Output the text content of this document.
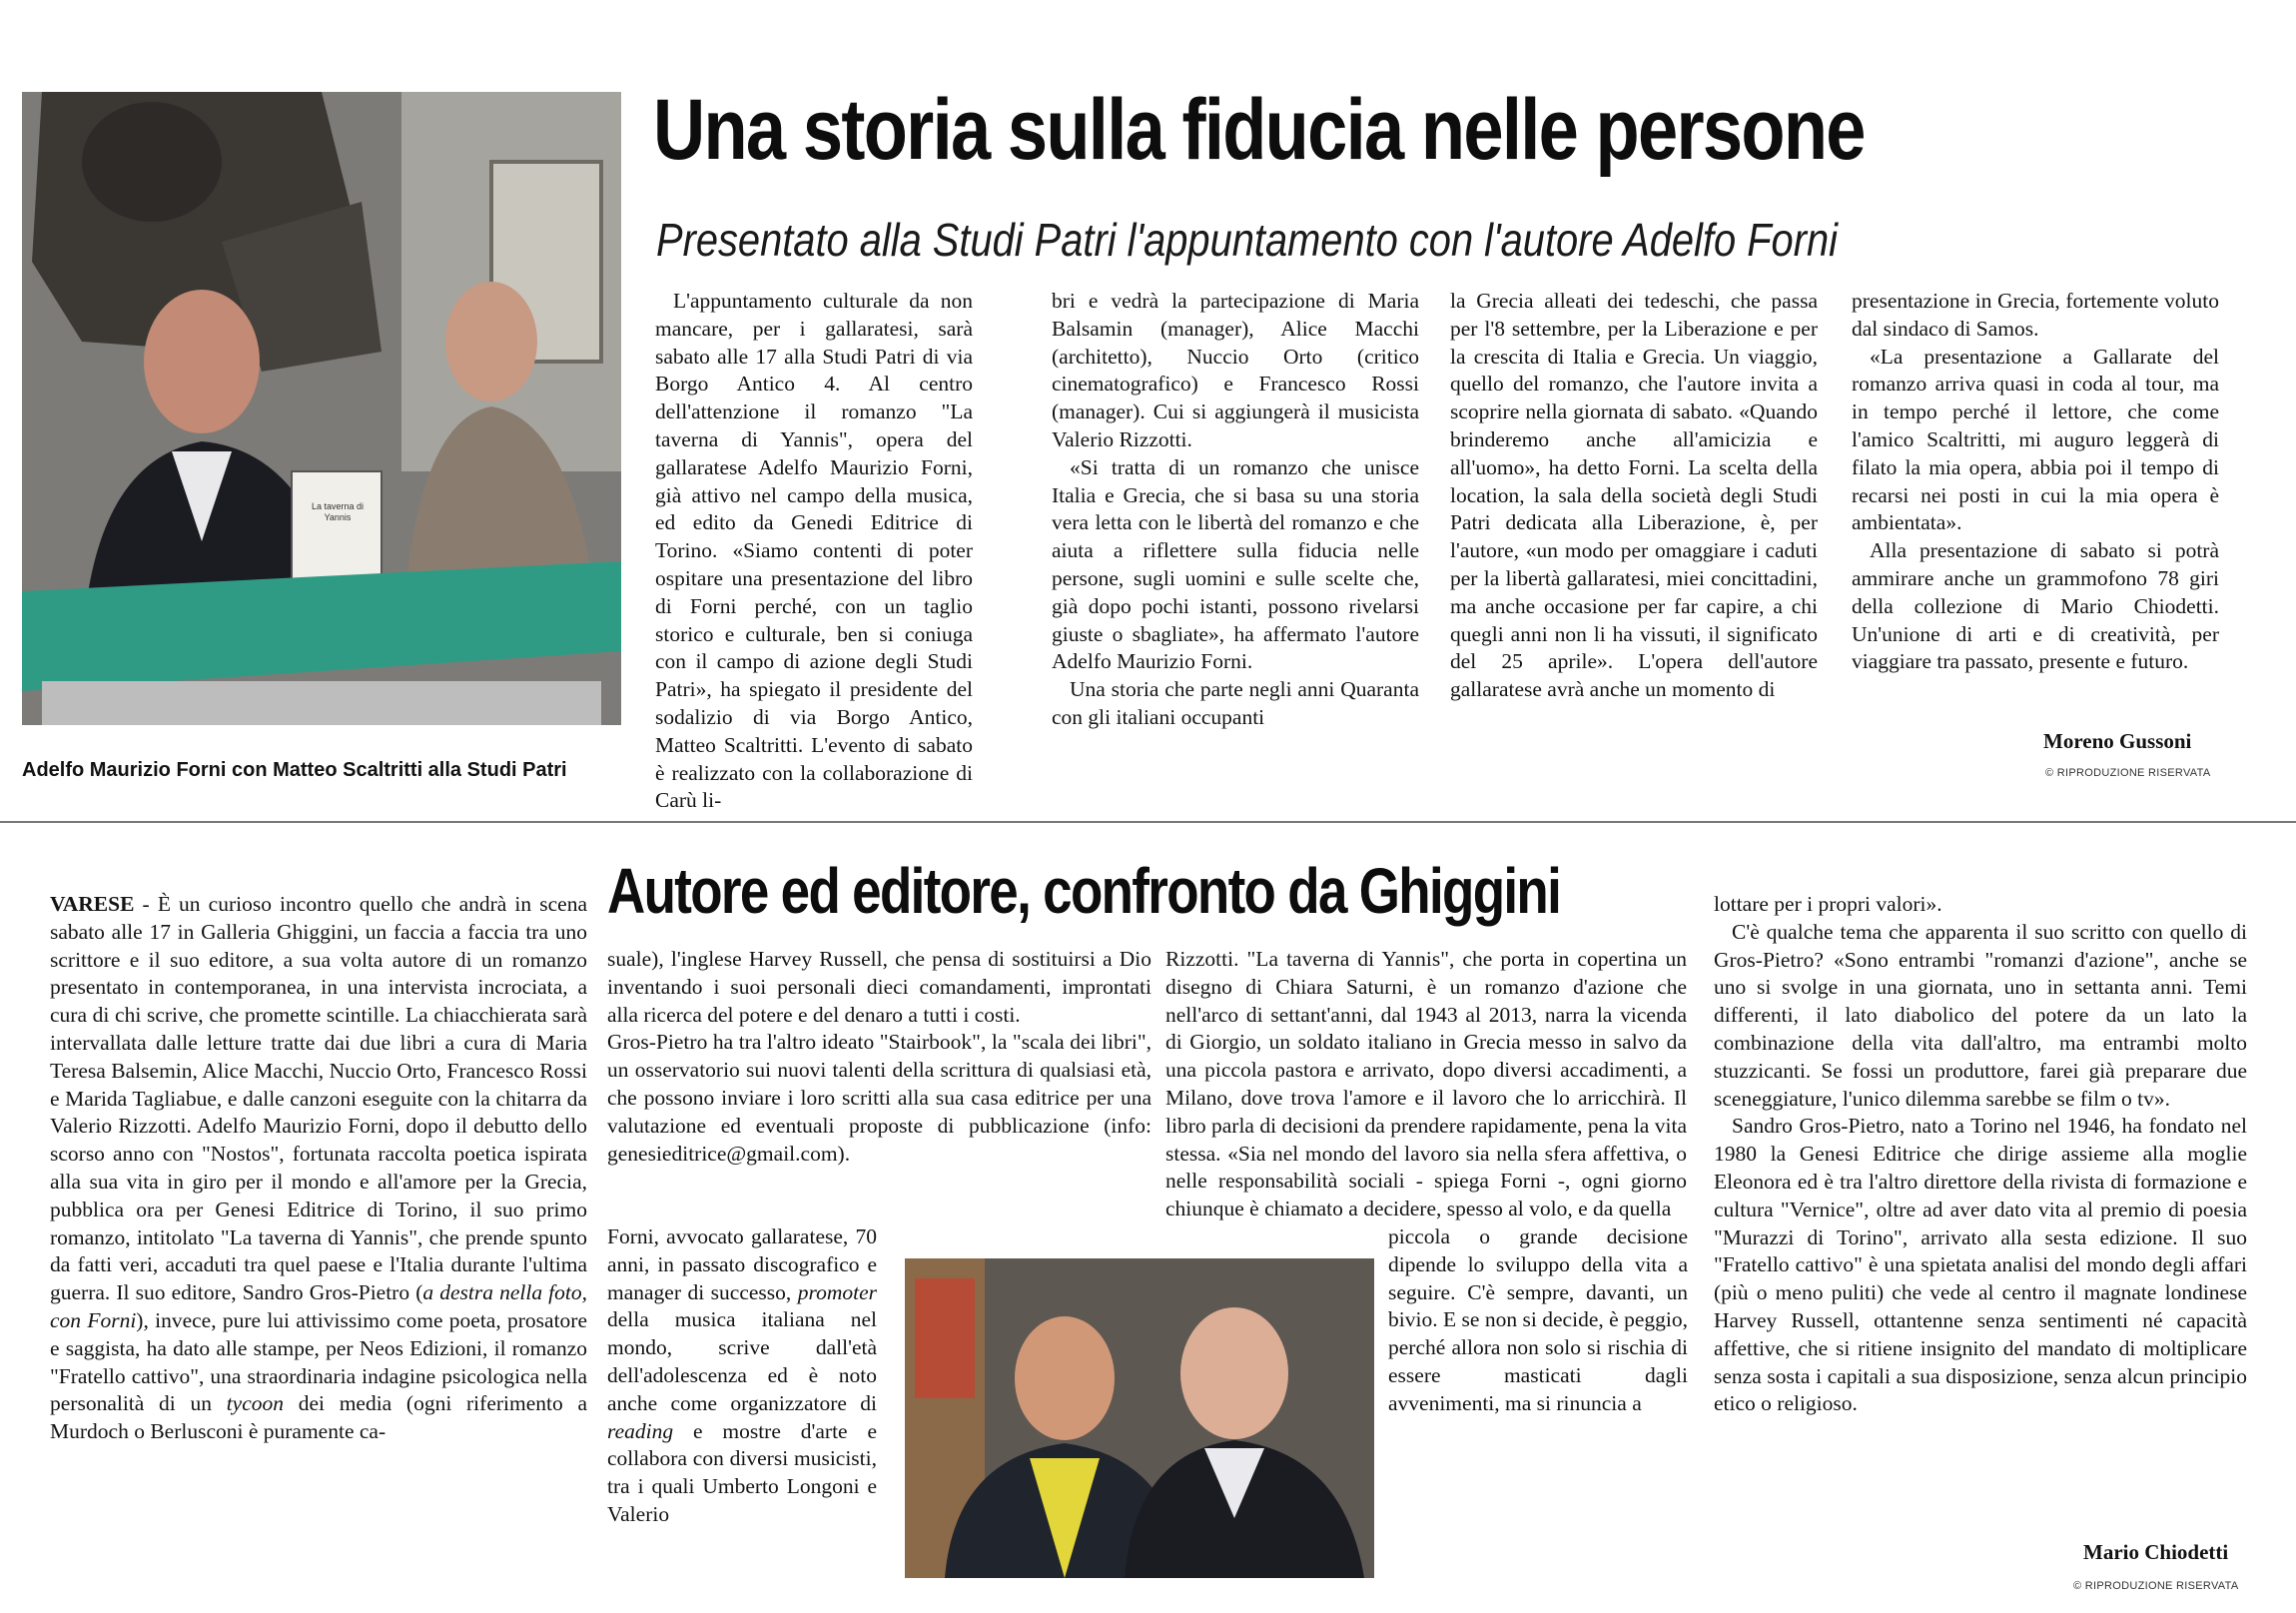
La taverna di Yannis
Adelfo Maurizio Forni con Matteo Scaltritti alla Studi Patri
Una storia sulla fiducia nelle persone
Presentato alla Studi Patri l'appuntamento con l'autore Adelfo Forni

L'appuntamento culturale da non mancare, per i gallaratesi, sarà sabato alle 17 alla Studi Patri di via Borgo Antico 4. Al centro dell'attenzione il romanzo "La taverna di Yannis", opera del gallaratese Adelfo Maurizio Forni, già attivo nel campo della musica, ed edito da Genedi Editrice di Torino. «Siamo contenti di poter ospitare una presentazione del libro di Forni perché, con un taglio storico e culturale, ben si coniuga con il campo di azione degli Studi Patri», ha spiegato il presidente del sodalizio di via Borgo Antico, Matteo Scaltritti. L'evento di sabato è realizzato con la collaborazione di Carù li-

bri e vedrà la partecipazione di Maria Balsamin (manager), Alice Macchi (architetto), Nuccio Orto (critico cinematografico) e Francesco Rossi (manager). Cui si aggiungerà il musicista Valerio Rizzotti.

«Si tratta di un romanzo che unisce Italia e Grecia, che si basa su una storia vera letta con le libertà del romanzo e che aiuta a riflettere sulla fiducia nelle persone, sugli uomini e sulle scelte che, già dopo pochi istanti, possono rivelarsi giuste o sbagliate», ha affermato l'autore Adelfo Maurizio Forni.

Una storia che parte negli anni Quaranta con gli italiani occupanti

la Grecia alleati dei tedeschi, che passa per l'8 settembre, per la Liberazione e per la crescita di Italia e Grecia. Un viaggio, quello del romanzo, che l'autore invita a scoprire nella giornata di sabato. «Quando brinderemo anche all'amicizia e all'uomo», ha detto Forni. La scelta della location, la sala della società degli Studi Patri dedicata alla Liberazione, è, per l'autore, «un modo per omaggiare i caduti per la libertà gallaratesi, miei concittadini, ma anche occasione per far capire, a chi quegli anni non li ha vissuti, il significato del 25 aprile». L'opera dell'autore gallaratese avrà anche un momento di

presentazione in Grecia, fortemente voluto dal sindaco di Samos.

«La presentazione a Gallarate del romanzo arriva quasi in coda al tour, ma in tempo perché il lettore, che come l'amico Scaltritti, mi auguro leggerà di filato la mia opera, abbia poi il tempo di recarsi nei posti in cui la mia opera è ambientata».

Alla presentazione di sabato si potrà ammirare anche un grammofono 78 giri della collezione di Mario Chiodetti. Un'unione di arti e di creatività, per viaggiare tra passato, presente e futuro.

Moreno Gussoni
© RIPRODUZIONE RISERVATA
Autore ed editore, confronto da Ghiggini

VARESE - È un curioso incontro quello che andrà in scena sabato alle 17 in Galleria Ghiggini, un faccia a faccia tra uno scrittore e il suo editore, a sua volta autore di un romanzo presentato in contemporanea, in una intervista incrociata, a cura di chi scrive, che promette scintille. La chiacchierata sarà intervallata dalle letture tratte dai due libri a cura di Maria Teresa Balsemin, Alice Macchi, Nuccio Orto, Francesco Rossi e Marida Tagliabue, e dalle canzoni eseguite con la chitarra da Valerio Rizzotti. Adelfo Maurizio Forni, dopo il debutto dello scorso anno con "Nostos", fortunata raccolta poetica ispirata alla sua vita in giro per il mondo e all'amore per la Grecia, pubblica ora per Genesi Editrice di Torino, il suo primo romanzo, intitolato "La taverna di Yannis", che prende spunto da fatti veri, accaduti tra quel paese e l'Italia durante l'ultima guerra. Il suo editore, Sandro Gros-Pietro (a destra nella foto, con Forni), invece, pure lui attivissimo come poeta, prosatore e saggista, ha dato alle stampe, per Neos Edizioni, il romanzo "Fratello cattivo", una straordinaria indagine psicologica nella personalità di un tycoon dei media (ogni riferimento a Murdoch o Berlusconi è puramente ca-

suale), l'inglese Harvey Russell, che pensa di sostituirsi a Dio inventando i suoi personali dieci comandamenti, improntati alla ricerca del potere e del denaro a tutti i costi.

Gros-Pietro ha tra l'altro ideato "Stairbook", la "scala dei libri", un osservatorio sui nuovi talenti della scrittura di qualsiasi età, che possono inviare i loro scritti alla sua casa editrice per una valutazione ed eventuali proposte di pubblicazione (info: genesieditrice@gmail.com).

Forni, avvocato gallaratese, 70 anni, in passato discografico e manager di successo, promoter della musica italiana nel mondo, scrive dall'età dell'adolescenza ed è noto anche come organizzatore di reading e mostre d'arte e collabora con diversi musicisti, tra i quali Umberto Longoni e Valerio

Rizzotti. "La taverna di Yannis", che porta in copertina un disegno di Chiara Saturni, è un romanzo d'azione che nell'arco di settant'anni, dal 1943 al 2013, narra la vicenda di Giorgio, un soldato italiano in Grecia messo in salvo da una piccola pastora e arrivato, dopo diversi accadimenti, a Milano, dove trova l'amore e il lavoro che lo arricchirà. Il libro parla di decisioni da prendere rapidamente, pena la vita stessa. «Sia nel mondo del lavoro sia nella sfera affettiva, o nelle responsabilità sociali - spiega Forni -, ogni giorno chiunque è chiamato a decidere, spesso al volo, e da quella

piccola o grande decisione dipende lo sviluppo della vita a seguire. C'è sempre, davanti, un bivio. E se non si decide, è peggio, perché allora non solo si rischia di essere masticati dagli avvenimenti, ma si rinuncia a

lottare per i propri valori».

C'è qualche tema che apparenta il suo scritto con quello di Gros-Pietro? «Sono entrambi "romanzi d'azione", anche se uno si svolge in una giornata, uno in settanta anni. Temi differenti, il lato diabolico del potere da un lato la combinazione della vita dall'altro, ma entrambi molto stuzzicanti. Se fossi un produttore, farei già preparare due sceneggiature, l'unico dilemma sarebbe se film o tv».

Sandro Gros-Pietro, nato a Torino nel 1946, ha fondato nel 1980 la Genesi Editrice che dirige assieme alla moglie Eleonora ed è tra l'altro direttore della rivista di formazione e cultura "Vernice", oltre ad aver dato vita al premio di poesia "Murazzi di Torino", arrivato alla sesta edizione. Il suo "Fratello cattivo" è una spietata analisi del mondo degli affari (più o meno puliti) che vede al centro il magnate londinese Harvey Russell, ottantenne senza sentimenti né capacità affettive, che si ritiene insignito del mandato di moltiplicare senza sosta i capitali a sua disposizione, senza alcun principio etico o religioso.

Mario Chiodetti
© RIPRODUZIONE RISERVATA
